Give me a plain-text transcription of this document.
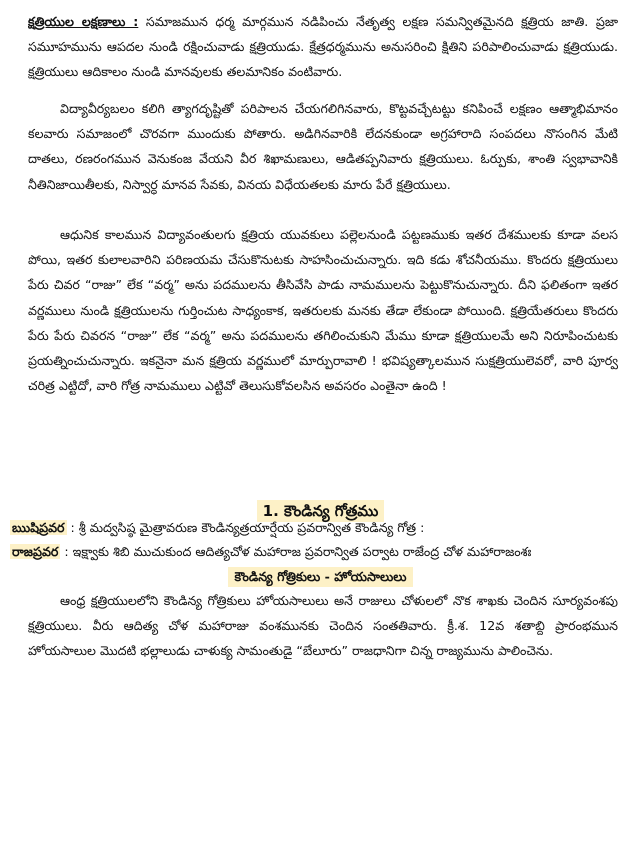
క్షత్రియుల లక్షణాలు : సమాజమున ధర్మ మార్గమున నడిపించు నేతృత్వ లక్షణ సమన్వితమైనది క్షత్రియ జాతి. ప్రజా సమూహమును ఆపదల నుండి రక్షించువాడు క్షత్రియుడు. క్షేత్రధర్మమును అనుసరించి క్షితిని పరిపాలించువాడు క్షత్రియుడు. క్షత్రియులు ఆదికాలం నుండి మానవులకు తలమానికం వంటివారు.
విద్యావీర్యబలం కలిగి త్యాగదృష్టితో పరిపాలన చేయగలిగినవారు, కొట్టవచ్చేటట్టు కనిపించే లక్షణం ఆత్మాభిమానం కలవారు సమాజంలో చొరవగా ముందుకు పోతారు. అడిగినవారికి లేదనకుండా అగ్రహారాది సంపదలు నొసంగిన మేటి దాతలు, రణరంగమున వెనుకంజ వేయని వీర శిఖామణులు, ఆడితప్పనివారు క్షత్రియులు. ఓర్పుకు, శాంతి స్వభావానికి నీతినిజాయితీలకు, నిస్వార్ధ మానవ సేవకు, వినయ విధేయతలకు మారు పేరే క్షత్రియులు.
ఆధునిక కాలమున విద్యావంతులగు క్షత్రియ యువకులు పల్లెలనుండి పట్టణముకు ఇతర దేశములకు కూడా వలస పోయి, ఇతర కులాలవారిని పరిణయమ చేసుకొనుటకు సాహసించుచున్నారు. ఇది కడు శోచనీయము. కొందరు క్షత్రియులు పేరు చివర “రాజు” లేక “వర్మ” అను పదములను తీసివేసి పాడు నామములను పెట్టుకొనుచున్నారు. దీని ఫలితంగా ఇతర వర్ణములు నుండి క్షత్రియులను గుర్తించుట సాధ్యంకాక, ఇతరులకు మనకు తేడా లేకుండా పోయింది. క్షత్రియేతరులు కొందరు పేరు పేరు చివరన “రాజు” లేక “వర్మ” అను పదములను తగిలించుకుని మేము కూడా క్షత్రియులమే అని నిరూపించుటకు ప్రయత్నించుచున్నారు. ఇకనైనా మన క్షత్రియ వర్ణములో మార్పురావాలి ! భవిష్యత్కాలమున సుక్షత్రియులెవరో, వారి పూర్వ చరిత్ర ఎట్టిదో, వారి గోత్ర నామములు ఎట్టివో తెలుసుకోవలసిన అవసరం ఎంతైనా ఉంది !
1. కౌండిన్య గోత్రము
ఋషిప్రవర : శ్రీ మద్వసిష్ఠ మైత్రావరుణ కౌండిన్యత్రయార్షేయ ప్రవరాన్విత కౌండిన్య గోత్ర :
రాజప్రవర : ఇక్ష్వాకు శిబి ముచుకుంద ఆదిత్యచోళ మహారాజ ప్రవరాన్విత పర్వాట రాజేంద్ర చోళ మహారాజంశః
కౌండిన్య గోత్రికులు - హోయసాలులు
ఆంధ్ర క్షత్రియులలోని కౌండిన్య గోత్రికులు హోయసాలులు అనే రాజులు చోళులలో నొక శాఖకు చెందిన సూర్యవంశపు క్షత్రియులు. వీరు ఆదిత్య చోళ మహారాజు వంశమునకు చెందిన సంతతివారు. క్రీ.శ. 12వ శతాబ్ది ప్రారంభమున హోయసాలుల మొదటి భల్లాలుడు చాళుక్య సామంతుడై “బేలూరు” రాజధానిగా చిన్న రాజ్యమును పాలించెను.
